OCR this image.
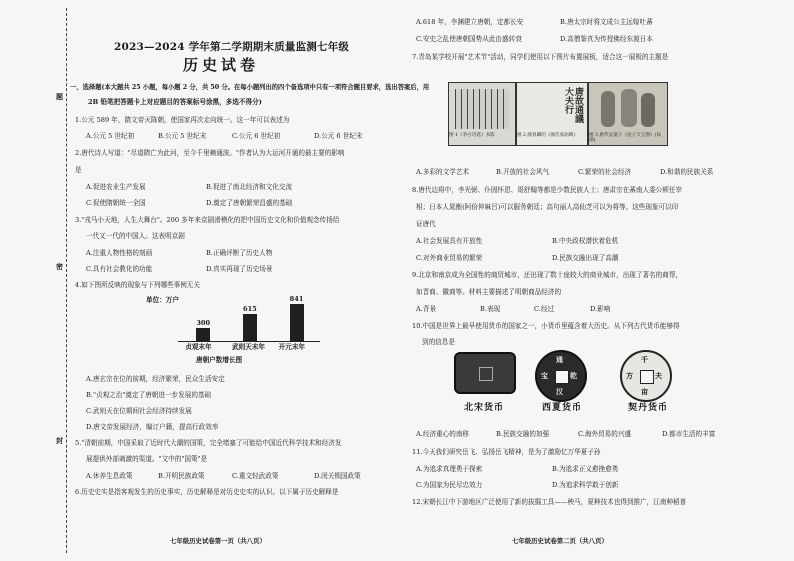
题
密
封
2023—2024 学年第二学期期末质量监测七年级
历史试卷
一、选择题(本大题共 25 小题，每小题 2 分，共 50 分。在每小题列出的四个备选项中只有一项符合题目要求，选出答案后，用
2B 铅笔把答题卡上对应题目的答案标号涂黑，多选不得分)
1.公元 589 年，隋文帝灭陈朝，使国家再次走向统一。这一年可以表述为
A.公元 5 世纪初	B.公元 5 世纪末	C.公元 6 世纪初	D.公元 6 世纪末
2.唐代诗人写道："尽道隋亡为此河，至今千里赖通波。"作者认为大运河开通的最主要的影响
是
A.促进农业生产发展	B.促进了南北经济和文化交流
C.促使隋朝统一全国	D.奠定了唐朝繁荣昌盛的基础
3."戎马小天地，人生大舞台"。200 多年来京剧滑稽化的把中国历史文化和价值观念传扬给
一代又一代的中国人。这表明京剧
A.注重人物性格的刻画	B.正确评断了历史人物
C.具有社会教化的功能	D.真实再现了历史场景
4.如下图所反映的现象与下列哪些事例无关
单位：万户
300
贞观末年
615
武则天末年
841
开元末年
唐朝户数增长图
A.唐玄宗在位的前期，经济繁荣，民众生活安定
B."贞观之治"奠定了唐朝进一步发展的基础
C.武则天在位期间社会经济持续发展
D.唐文帝发展经济，编订户籍，提高行政效率
5."清朝前期，中国采取了近时代大潮的国策，完全堵塞了可能给中国近代科学技术和经济发
展提供外部刺激的渠道。"文中的"国策"是
A.休养生息政策	B.开明民族政策	C.重文轻武政策	D.闭关锁国政策
6.历史史实是指客观发生的历史事实，历史解释是对历史史实的认识。以下属于历史解释是
七年级历史试卷第一页（共八页）
A.618 年，李渊建立唐朝，定都长安	B.唐太宗时将文成公主远嫁吐蕃
C.安史之乱使唐朝国势从此由盛转衰	D.高僧鉴真为传授佛经东渡日本
7.青岛某学校开展"艺术节"活动，同学们使用以下图片布置展板，适合这一展板的主题是
唐故通議大夫行
图 1《李白诗选》书影	图 2 颜真卿的《颜氏家庙碑》	图 3 唐代吴道子《送子天王图》(局部)
A.多彩的文学艺术	B.开放的社会风气	C.繁荣的社会经济	D.和谐的民族关系
8.唐代边将中，李光弼、仆固怀恩、哥舒翰等都是少数民族人士；唐肃宗在蕃南人委公顿任宰
相；日本人晁衡(阿倍仲麻吕)可以服务朝廷；高句丽人高仙芝可以为将等。这些现象可以印
证唐代
A.社会发展具有开放性	B.中央政权潜伏着危机
C.对外商业贸易的繁荣	D.民族交融出现了高潮
9.北京和南京成为全国性的商贸城市，还出现了数十座较大的商业城市，出现了著名的商帮，
如晋商、徽商等。材料主要描述了明朝商品经济的
A.背景	B.表现	C.经过	D.影响
10.中国是世界上最早使用货币的国家之一，小货币里蕴含着大历史。从下列古代货币能够得
到的信息是
通
宝	乾
汉
千
方	夫
亩
北宋货币	西夏货币	契丹货币
A.经济重心的南移	B.民族交融的加强	C.海外贸易的兴盛	D.都市生活的丰富
11.今天我们研究岳飞、弘扬岳飞精神，是为了激励亿万华夏子孙
A.为追求真理勇于探索	B.为追求正义愈挫愈勇
C.为国家为民尽忠效力	D.为追求科学敢于创新
12.宋朝长江中下游地区广泛使用了新的拔掘工具——秧马，夏种技术也得到推广，江南种稻普
七年级历史试卷第二页（共八页）
